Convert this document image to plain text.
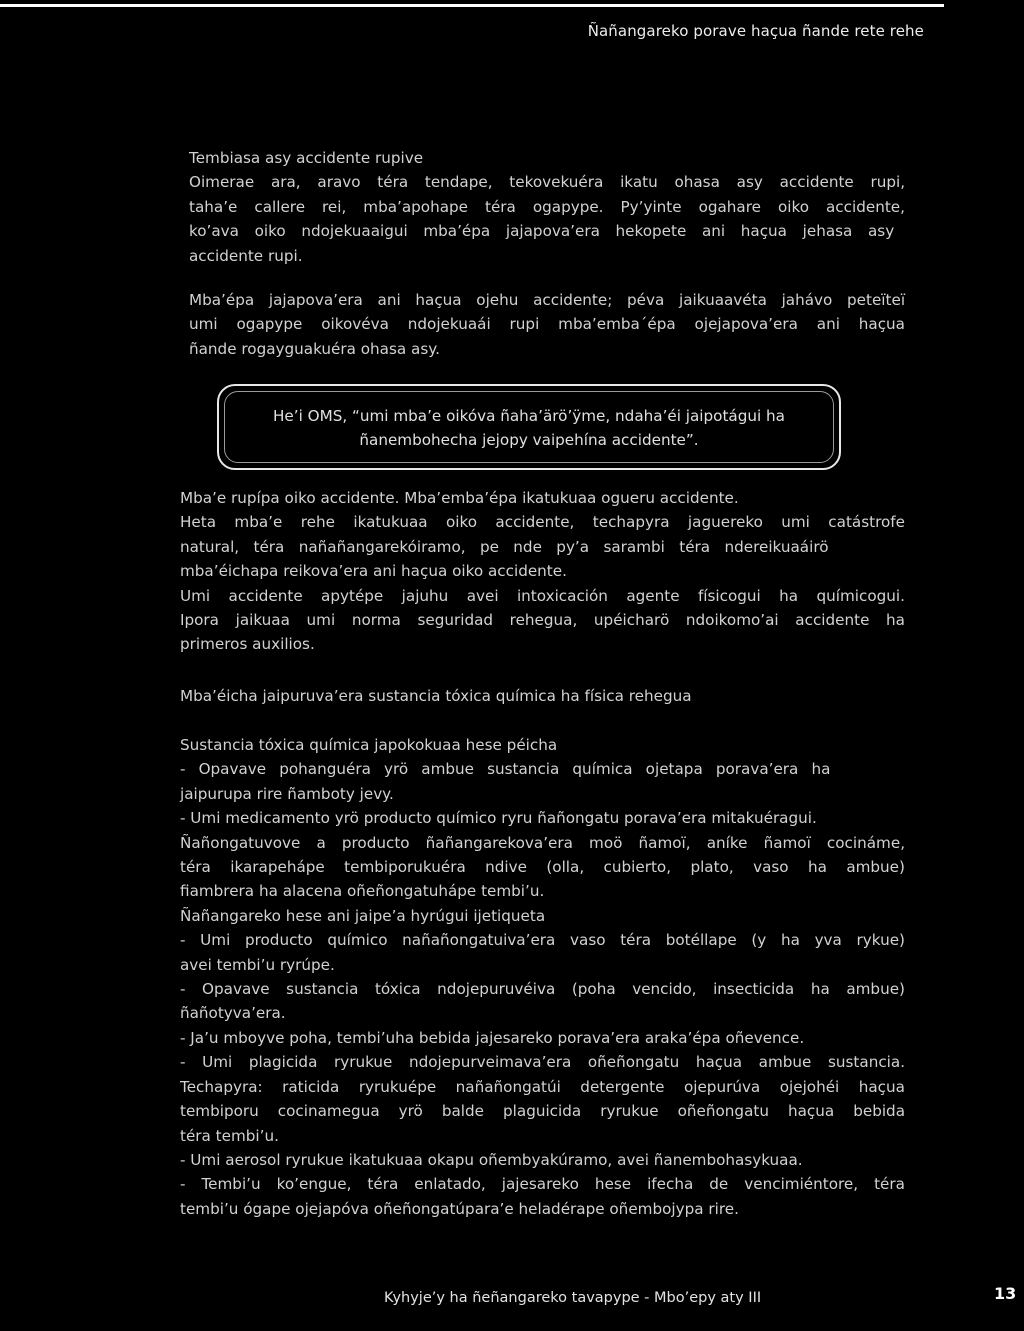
Ñañangareko porave haçua ñande rete rehe
Tembiasa asy accidente rupive
Oimerae ara, aravo téra tendape, tekovekuéra ikatu ohasa asy accidente rupi,
taha’e callere rei, mba’apohape téra ogapype. Py’yinte ogahare oiko accidente,
ko’ava oiko ndojekuaaigui mba’épa jajapova’era hekopete ani haçua jehasa asy
accidente rupi.
Mba’épa jajapova’era ani haçua ojehu accidente; péva jaikuaavéta jahávo peteïteï
umi ogapype oikovéva ndojekuaái rupi mba’emba´épa ojejapova’era ani haçua
ñande rogayguakuéra ohasa asy.
He’i OMS, “umi mba’e oikóva ñaha’ärö’ÿme, ndaha’éi jaipotágui ha
ñanembohecha jejopy vaipehína accidente”.
Mba’e rupípa oiko accidente. Mba’emba’épa ikatukuaa ogueru accidente.
Heta mba’e rehe ikatukuaa oiko accidente, techapyra jaguereko umi catástrofe
natural, téra nañañangarekóiramo, pe nde py’a sarambi téra ndereikuaáirö
mba’éichapa reikova’era ani haçua oiko accidente.
Umi accidente apytépe jajuhu avei intoxicación agente físicogui ha químicogui.
Ipora jaikuaa umi norma seguridad rehegua, upéicharö ndoikomo’ai accidente ha
primeros auxilios.
Mba’éicha jaipuruva’era sustancia tóxica química ha física rehegua
Sustancia tóxica química japokokuaa hese péicha
- Opavave pohanguéra yrö ambue sustancia química ojetapa porava’era ha
jaipurupa rire ñamboty jevy.
- Umi medicamento yrö producto químico ryru ñañongatu porava’era mitakuéragui.
Ñañongatuvove a producto ñañangarekova’era moö ñamoï, aníke ñamoï cocináme,
téra ikarapeháp​e tembiporukuéra ndive (olla, cubierto, plato, vaso ha ambue)
fiambrera ha alacena oñeñongatuhápe tembi’u.
Ñañangareko hese ani jaipe’a hyrúgui ijetiqueta
- Umi producto químico nañañongatuiva’era vaso téra botéllape (y ha yva rykue)
avei tembi’u ryrúpe.
- Opavave sustancia tóxica ndojepuruvéiva (poha vencido, insecticida ha ambue)
ñañotyva’era.
- Ja’u mboyve poha, tembi’uha bebida jajesareko porava’era araka’épa oñevence.
- Umi plagicida ryrukue ndojepurveimava’era oñeñongatu haçua ambue sustancia.
Techapyra: raticida ryrukuépe nañañongatúi detergente ojepurúva ojejohéi haçua
tembiporu cocinamegua yrö balde plaguicida ryrukue oñeñongatu haçua bebida
téra tembi’u.
- Umi aerosol ryrukue ikatukuaa okapu oñembyakúramo, avei ñanembohasykuaa.
- Tembi’u ko’engue, téra enlatado, jajesareko hese ifecha de vencimiéntore, téra
tembi’u ógape ojejapóva oñeñongatúpara’e heladérape oñembojypa rire.
Kyhyje’y ha ñeñangareko tavapype - Mbo’epy aty III	13
